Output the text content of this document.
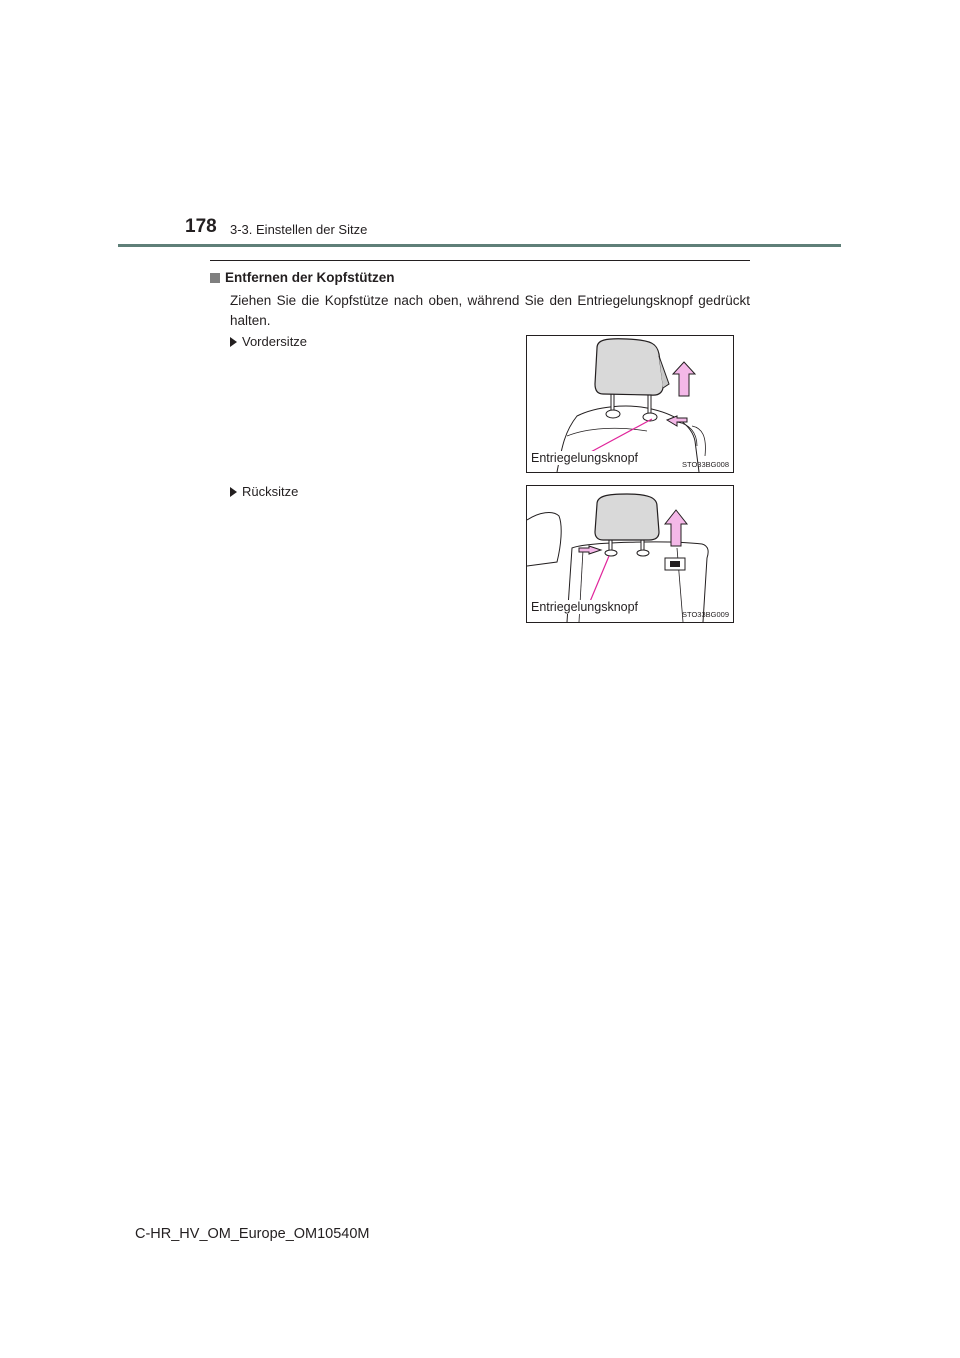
178 3-3. Einstellen der Sitze
Entfernen der Kopfstützen
Ziehen Sie die Kopfstütze nach oben, während Sie den Entriegelungsknopf gedrückt halten.
Vordersitze
Entriegelungsknopf	STO33BG008
Rücksitze
Entriegelungsknopf
STO33BG009
C-HR_HV_OM_Europe_OM10540M
